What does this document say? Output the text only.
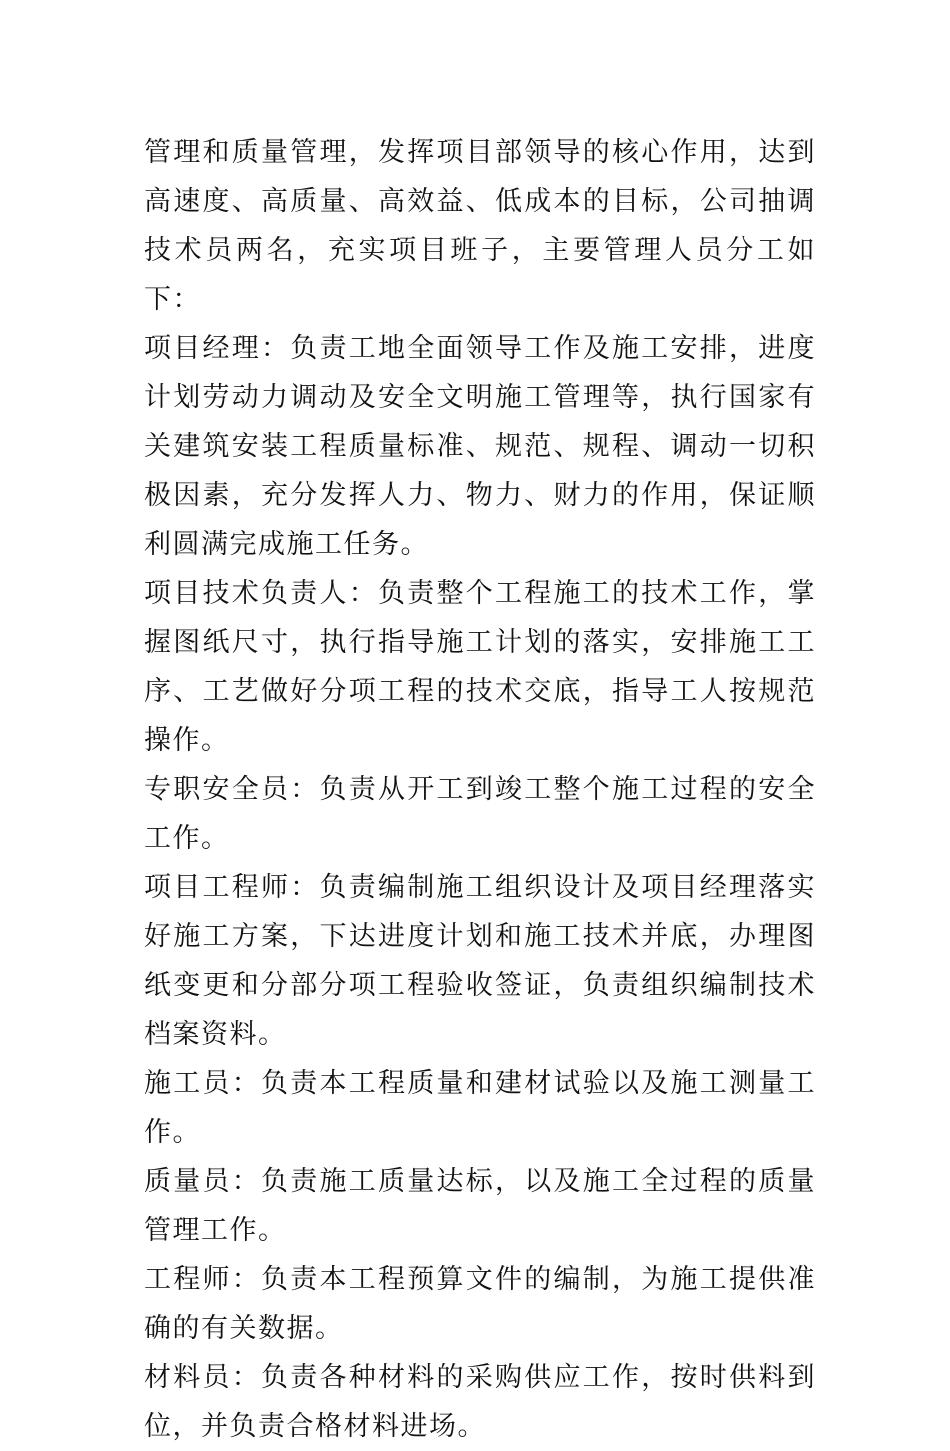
管理和质量管理，发挥项目部领导的核心作用，达到高速度、高质量、高效益、低成本的目标，公司抽调技术员两名，充实项目班子，主要管理人员分工如下：

项目经理：负责工地全面领导工作及施工安排，进度计划劳动力调动及安全文明施工管理等，执行国家有关建筑安装工程质量标准、规范、规程、调动一切积极因素，充分发挥人力、物力、财力的作用，保证顺利圆满完成施工任务。

项目技术负责人：负责整个工程施工的技术工作，掌握图纸尺寸，执行指导施工计划的落实，安排施工工序、工艺做好分项工程的技术交底，指导工人按规范操作。

专职安全员：负责从开工到竣工整个施工过程的安全工作。

项目工程师：负责编制施工组织设计及项目经理落实好施工方案，下达进度计划和施工技术并底，办理图纸变更和分部分项工程验收签证，负责组织编制技术档案资料。

施工员：负责本工程质量和建材试验以及施工测量工作。

质量员：负责施工质量达标，以及施工全过程的质量管理工作。

工程师：负责本工程预算文件的编制，为施工提供准确的有关数据。

材料员：负责各种材料的采购供应工作，按时供料到位，并负责合格材料进场。
